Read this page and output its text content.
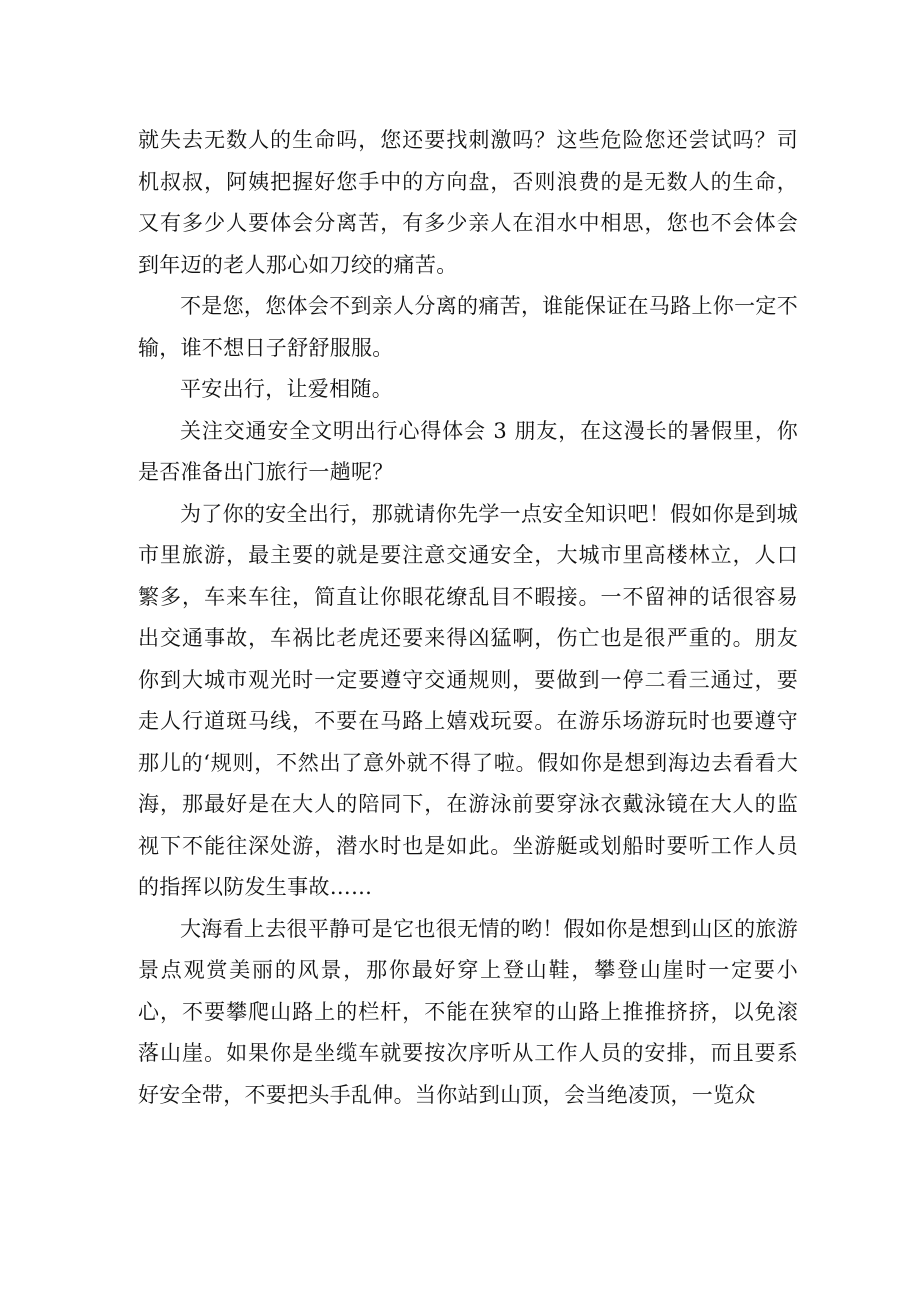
就失去无数人的生命吗，您还要找刺激吗？这些危险您还尝试吗？司机叔叔，阿姨把握好您手中的方向盘，否则浪费的是无数人的生命，又有多少人要体会分离苦，有多少亲人在泪水中相思，您也不会体会到年迈的老人那心如刀绞的痛苦。

不是您，您体会不到亲人分离的痛苦，谁能保证在马路上你一定不输，谁不想日子舒舒服服。

平安出行，让爱相随。

关注交通安全文明出行心得体会 3 朋友，在这漫长的暑假里，你是否准备出门旅行一趟呢？

为了你的安全出行，那就请你先学一点安全知识吧！假如你是到城市里旅游，最主要的就是要注意交通安全，大城市里高楼林立，人口繁多，车来车往，简直让你眼花缭乱目不暇接。一不留神的话很容易出交通事故，车祸比老虎还要来得凶猛啊，伤亡也是很严重的。朋友你到大城市观光时一定要遵守交通规则，要做到一停二看三通过，要走人行道斑马线，不要在马路上嬉戏玩耍。在游乐场游玩时也要遵守那儿的‘规则，不然出了意外就不得了啦。假如你是想到海边去看看大海，那最好是在大人的陪同下，在游泳前要穿泳衣戴泳镜在大人的监视下不能往深处游，潜水时也是如此。坐游艇或划船时要听工作人员的指挥以防发生事故……

大海看上去很平静可是它也很无情的哟！假如你是想到山区的旅游景点观赏美丽的风景，那你最好穿上登山鞋，攀登山崖时一定要小心，不要攀爬山路上的栏杆，不能在狭窄的山路上推推挤挤，以免滚落山崖。如果你是坐缆车就要按次序听从工作人员的安排，而且要系好安全带，不要把头手乱伸。当你站到山顶，会当绝凌顶，一览众
